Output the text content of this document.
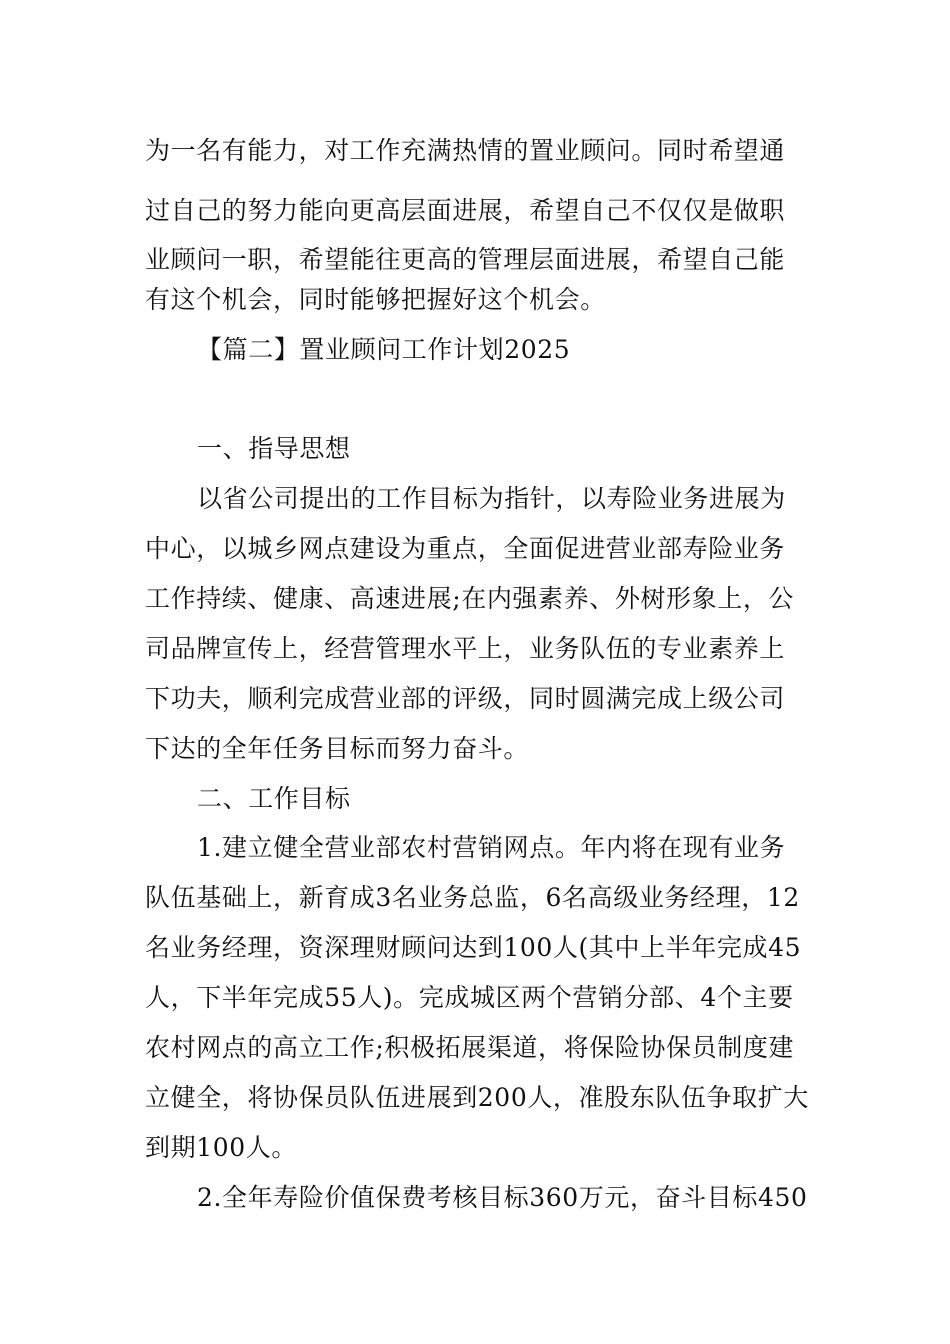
为一名有能力，对工作充满热情的置业顾问。同时希望通
过自己的努力能向更高层面进展，希望自己不仅仅是做职
业顾问一职，希望能往更高的管理层面进展，希望自己能
有这个机会，同时能够把握好这个机会。
【篇二】置业顾问工作计划2025
一、指导思想
以省公司提出的工作目标为指针，以寿险业务进展为
中心，以城乡网点建设为重点，全面促进营业部寿险业务
工作持续、健康、高速进展;在内强素养、外树形象上，公
司品牌宣传上，经营管理水平上，业务队伍的专业素养上
下功夫，顺利完成营业部的评级，同时圆满完成上级公司
下达的全年任务目标而努力奋斗。
二、工作目标
1.建立健全营业部农村营销网点。年内将在现有业务
队伍基础上，新育成3名业务总监，6名高级业务经理，12
名业务经理，资深理财顾问达到100人(其中上半年完成45
人，下半年完成55人)。完成城区两个营销分部、4个主要
农村网点的高立工作;积极拓展渠道，将保险协保员制度建
立健全，将协保员队伍进展到200人，准股东队伍争取扩大
到期100人。
2.全年寿险价值保费考核目标360万元，奋斗目标450
